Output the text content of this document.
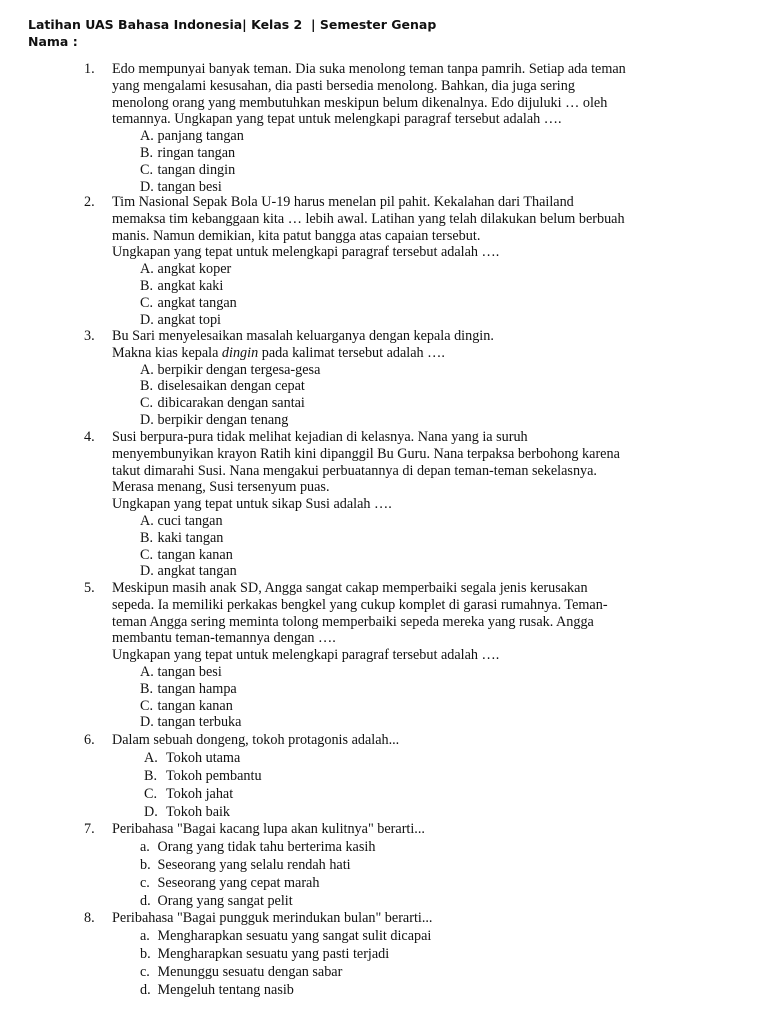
Latihan UAS Bahasa Indonesia| Kelas 2  | Semester Genap
Nama :
1.	Edo mempunyai banyak teman. Dia suka menolong teman tanpa pamrih. Setiap ada teman
yang mengalami kesusahan, dia pasti bersedia menolong. Bahkan, dia juga sering
menolong orang yang membutuhkan meskipun belum dikenalnya. Edo dijuluki … oleh
temannya. Ungkapan yang tepat untuk melengkapi paragraf tersebut adalah ….
A. panjang tangan
B. ringan tangan
C. tangan dingin
D. tangan besi
2.	Tim Nasional Sepak Bola U-19 harus menelan pil pahit. Kekalahan dari Thailand
memaksa tim kebanggaan kita … lebih awal. Latihan yang telah dilakukan belum berbuah
manis. Namun demikian, kita patut bangga atas capaian tersebut.
Ungkapan yang tepat untuk melengkapi paragraf tersebut adalah ….
A. angkat koper
B. angkat kaki
C. angkat tangan
D. angkat topi
3.	Bu Sari menyelesaikan masalah keluarganya dengan kepala dingin.
Makna kias kepala dingin pada kalimat tersebut adalah ….
A. berpikir dengan tergesa-gesa
B. diselesaikan dengan cepat
C. dibicarakan dengan santai
D. berpikir dengan tenang
4.	Susi berpura-pura tidak melihat kejadian di kelasnya. Nana yang ia suruh
menyembunyikan krayon Ratih kini dipanggil Bu Guru. Nana terpaksa berbohong karena
takut dimarahi Susi. Nana mengakui perbuatannya di depan teman-teman sekelasnya.
Merasa menang, Susi tersenyum puas.
Ungkapan yang tepat untuk sikap Susi adalah ….
A. cuci tangan
B. kaki tangan
C. tangan kanan
D. angkat tangan
5.	Meskipun masih anak SD, Angga sangat cakap memperbaiki segala jenis kerusakan
sepeda. Ia memiliki perkakas bengkel yang cukup komplet di garasi rumahnya. Teman-
teman Angga sering meminta tolong memperbaiki sepeda mereka yang rusak. Angga
membantu teman-temannya dengan ….
Ungkapan yang tepat untuk melengkapi paragraf tersebut adalah ….
A. tangan besi
B. tangan hampa
C. tangan kanan
D. tangan terbuka
6.	Dalam sebuah dongeng, tokoh protagonis adalah...
A. Tokoh utama
B. Tokoh pembantu
C. Tokoh jahat
D. Tokoh baik
7.	Peribahasa "Bagai kacang lupa akan kulitnya" berarti...
a. Orang yang tidak tahu berterima kasih
b. Seseorang yang selalu rendah hati
c. Seseorang yang cepat marah
d. Orang yang sangat pelit
8.	Peribahasa "Bagai pungguk merindukan bulan" berarti...
a. Mengharapkan sesuatu yang sangat sulit dicapai
b. Mengharapkan sesuatu yang pasti terjadi
c. Menunggu sesuatu dengan sabar
d. Mengeluh tentang nasib
